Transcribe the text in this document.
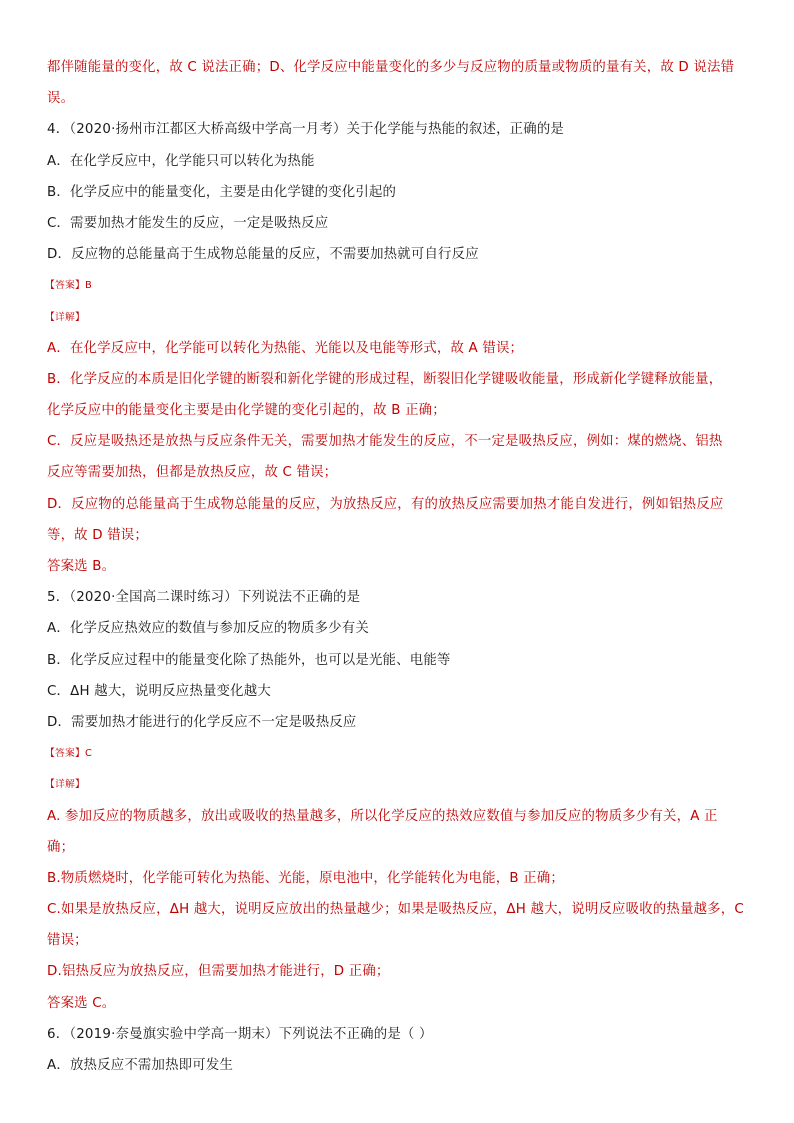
都伴随能量的变化，故 C 说法正确；D、化学反应中能量变化的多少与反应物的质量或物质的量有关，故 D 说法错
误。
4．（2020·扬州市江都区大桥高级中学高一月考）关于化学能与热能的叙述，正确的是
A．在化学反应中，化学能只可以转化为热能
B．化学反应中的能量变化，主要是由化学键的变化引起的
C．需要加热才能发生的反应，一定是吸热反应
D．反应物的总能量高于生成物总能量的反应，不需要加热就可自行反应
【答案】B
【详解】
A．在化学反应中，化学能可以转化为热能、光能以及电能等形式，故 A 错误；
B．化学反应的本质是旧化学键的断裂和新化学键的形成过程，断裂旧化学键吸收能量，形成新化学键释放能量，
化学反应中的能量变化主要是由化学键的变化引起的，故 B 正确；
C．反应是吸热还是放热与反应条件无关，需要加热才能发生的反应，不一定是吸热反应，例如：煤的燃烧、铝热
反应等需要加热，但都是放热反应，故 C 错误；
D．反应物的总能量高于生成物总能量的反应，为放热反应，有的放热反应需要加热才能自发进行，例如铝热反应
等，故 D 错误；
答案选 B。
5．（2020·全国高二课时练习）下列说法不正确的是
A．化学反应热效应的数值与参加反应的物质多少有关
B．化学反应过程中的能量变化除了热能外，也可以是光能、电能等
C．ΔH 越大，说明反应热量变化越大
D．需要加热才能进行的化学反应不一定是吸热反应
【答案】C
【详解】
A. 参加反应的物质越多，放出或吸收的热量越多，所以化学反应的热效应数值与参加反应的物质多少有关，A 正
确；
B.物质燃烧时，化学能可转化为热能、光能，原电池中，化学能转化为电能，B 正确；
C.如果是放热反应，ΔH 越大，说明反应放出的热量越少；如果是吸热反应，ΔH 越大，说明反应吸收的热量越多，C
错误；
D.铝热反应为放热反应，但需要加热才能进行，D 正确；
答案选 C。
6．（2019·奈曼旗实验中学高一期末）下列说法不正确的是（ ）
A．放热反应不需加热即可发生
